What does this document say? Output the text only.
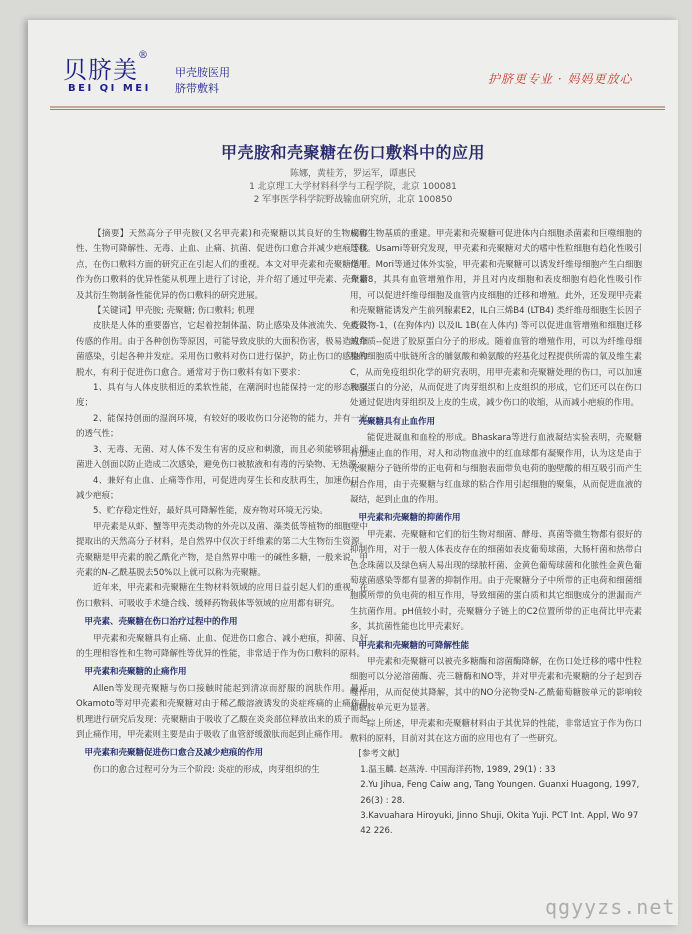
贝脐美®
BEI QI MEI
甲壳胺医用
脐带敷料
护脐更专业 · 妈妈更放心
甲壳胺和壳聚糖在伤口敷料中的应用
陈娜，黄桂芳，罗运军，谭惠民
1 北京理工大学材料科学与工程学院，北京 100081
2 军事医学科学院野战输血研究所，北京 100850

【摘要】天然高分子甲壳胺(又名甲壳素)和壳聚糖以其良好的生物相容性、生物可降解性、无毒、止血、止痛、抗菌、促进伤口愈合并减少疤痕等优点，在伤口敷料方面的研究正在引起人们的重视。本文对甲壳素和壳聚糖适于作为伤口敷料的优异性能从机理上进行了讨论，并介绍了通过甲壳素、壳聚糖及其衍生物制备性能优异的伤口敷料的研究进展。

【关键词】甲壳胺; 壳聚糖; 伤口敷料; 机理

皮肤是人体的重要器官，它起着控制体温、防止感染及体液流失、免疫及传感的作用。由于各种创伤等原因，可能导致皮肤的大面积伤害，极易造成细菌感染，引起各种并发症。采用伤口敷料对伤口进行保护，防止伤口的感染和脱水，有利于促进伤口愈合。通常对于伤口敷料有如下要求：

1、具有与人体皮肤相近的柔软性能，在潮润时也能保持一定的形态和强度；

2、能保持创面的湿润环境，有较好的吸收伤口分泌物的能力，并有一定的透气性；

3、无毒、无菌、对人体不发生有害的反应和刺激，而且必须能够阻止细菌进入创面以防止造成二次感染，避免伤口被脓液和有毒的污染物、无热源；

4、兼好有止血、止痛等作用，可促进肉芽生长和皮肤再生，加速伤口、减少疤痕；

5、贮存稳定性好，最好具可降解性能，废弃物对环境无污染。

甲壳素是从虾、蟹等甲壳类动物的外壳以及菌、藻类低等植物的细胞壁中提取出的天然高分子材料，是自然界中仅次于纤维素的第二大生物衍生资源。壳聚糖是甲壳素的脱乙酰化产物，是自然界中唯一的碱性多糖，一般来说，甲壳素的N-乙酰基脱去50%以上就可以称为壳聚糖。

近年来，甲壳素和壳聚糖在生物材料领域的应用日益引起人们的重视，在伤口敷料、可吸收手术缝合线、缓释药物载体等领域的应用都有研究。

甲壳素、壳聚糖在伤口治疗过程中的作用

甲壳素和壳聚糖具有止痛、止血、促进伤口愈合、减小疤痕，抑菌、良好的生理相容性和生物可降解性等优异的性能，非常适于作为伤口敷料的原料。

甲壳素和壳聚糖的止痛作用

Allen等发现壳聚糖与伤口接触时能起到清凉而舒服的润肤作用。最近Okamoto等对甲壳素和壳聚糖对由于稀乙酸溶液诱发的炎症疼痛的止痛作用机理进行研究后发现：壳聚糖由于吸收了乙酸在炎炎部位释放出来的质子而起到止痛作用，甲壳素则主要是由于吸收了血管舒缓激肽而起到止痛作用。

甲壳素和壳聚糖促进伤口愈合及减少疤痕的作用

伤口的愈合过程可分为三个阶段: 炎症的形成，肉芽组织的生

成和生物基质的重建。甲壳素和壳聚糖可促进体内白细胞杀菌素和巨噬细胞的迁移。Usami等研究发现，甲壳素和壳聚糖对犬的嗜中性粒细胞有趋化性吸引作用。Mori等通过体外实验，甲壳素和壳聚糖可以诱发纤维母细胞产生白细胞介素8，其具有血管增殖作用，并且对内皮细胞和表皮细胞有趋化性吸引作用，可以促进纤维母细胞及血管内皮细胞的迁移和增殖。此外，还发现甲壳素和壳聚糖能诱发产生前列腺素E2，IL白三烯B4 (LTB4) 类纤维母细胞生长因子类似物-1，(在狗体内) 以及IL 1B(在人体内) 等可以促进血管增殖和细胞迁移的介质--促进了胶原蛋白分子的形成。随着血管的增殖作用，可以为纤维母细胞的细胞质中肽链所含的脯氨酸和赖氨酸的羟基化过程提供所需的氧及维生素C，从而免疫组织化学的研究表明，用甲壳素和壳聚糖处理的伤口，可以加速胶原蛋白的分泌，从而促进了肉芽组织和上皮组织的形成，它们还可以在伤口处通过促进肉芽组织及上皮的生成，减少伤口的收缩，从而减小疤痕的作用。

壳聚糖具有止血作用

能促进凝血和血栓的形成。Bhaskara等进行血液凝结实验表明，壳聚糖有加速止血的作用，对人和动物血液中的红血球都有凝聚作用，认为这是由于壳聚糖分子链所带的正电荷和与细胞表面带负电荷的胞壁酸的相互吸引而产生粘合作用，由于壳聚糖与红血球的粘合作用引起细胞的聚集，从而促进血液的凝结，起到止血的作用。

甲壳素和壳聚糖的抑菌作用

甲壳素、壳聚糖和它们的衍生物对细菌、酵母、真菌等微生物都有很好的抑制作用，对于一般人体表皮存在的细菌如表皮葡萄球菌，大肠杆菌和热带白色念珠菌以及绿色病人易出现的绿脓杆菌、金黄色葡萄球菌和化脓性金黄色葡萄球菌感染等都有显著的抑制作用。由于壳聚糖分子中所带的正电荷和细菌细胞膜所带的负电荷的相互作用，导致细菌的蛋白质和其它细胞成分的泄漏而产生抗菌作用。pH值较小时，壳聚糖分子链上的C2位置所带的正电荷比甲壳素多，其抗菌性能也比甲壳素好。

甲壳素和壳聚糖的可降解性能

甲壳素和壳聚糖可以被壳多糖酶和溶菌酶降解，在伤口处迁移的嗜中性粒细胞可以分泌溶菌酶、壳三糖酶和NO等，并对甲壳素和壳聚糖的分子起到吞噬作用，从而促使其降解，其中的NO分泌物受N-乙酰葡萄糖胺单元的影响较葡糖胺单元更为显著。

综上所述，甲壳素和壳聚糖材料由于其优异的性能，非常适宜于作为伤口敷料的原料，目前对其在这方面的应用也有了一些研究。

[参考文献]

1.温玉麟. 赵蒸涛. 中国海洋药物, 1989, 29(1) : 33

2.Yu Jihua, Feng Caiw ang, Tang Youngen. Guanxi Huagong, 1997, 26(3) : 28.

3.Kavuahara Hiroyuki, Jinno Shuji, Okita Yuji. PCT Int. Appl, Wo 97 42 226.

qgyyzs.net
